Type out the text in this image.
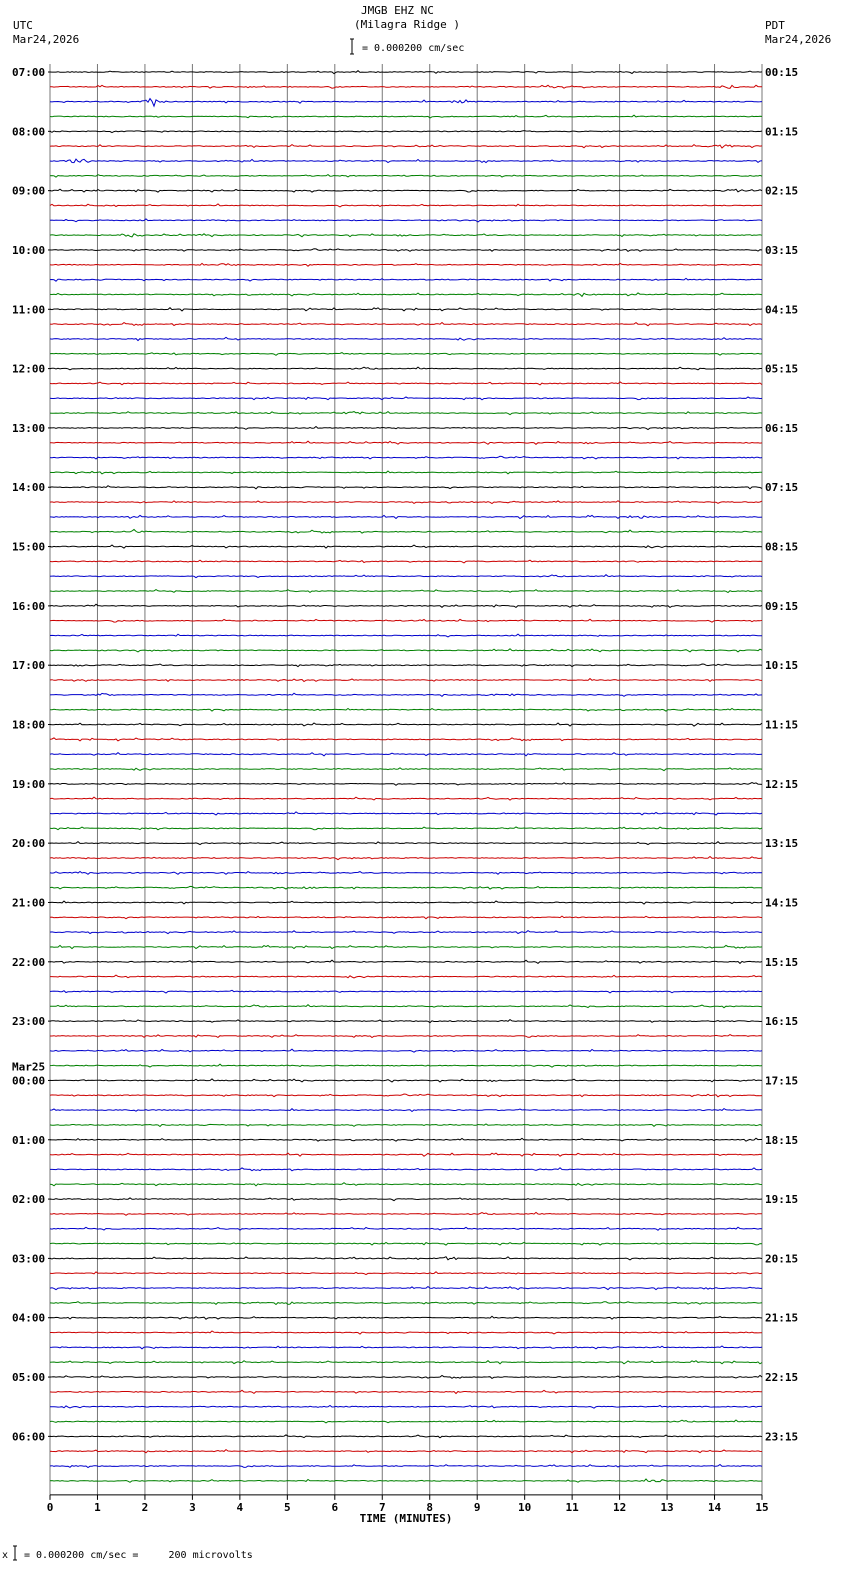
JMGB EHZ NC
(Milagra Ridge )
UTC
Mar24,2026
PDT
Mar24,2026
= 0.000200 cm/sec
07:00
08:00
09:00
10:00
11:00
12:00
13:00
14:00
15:00
16:00
17:00
18:00
19:00
20:00
21:00
22:00
23:00
00:00
01:00
02:00
03:00
04:00
05:00
06:00
00:15
01:15
02:15
03:15
04:15
05:15
06:15
07:15
08:15
09:15
10:15
11:15
12:15
13:15
14:15
15:15
16:15
17:15
18:15
19:15
20:15
21:15
22:15
23:15
Mar25
0	1	2	3	4	5	6	7	8	9	10	11	12	13	14	15
TIME (MINUTES)
x = 0.000200 cm/sec =     200 microvolts
